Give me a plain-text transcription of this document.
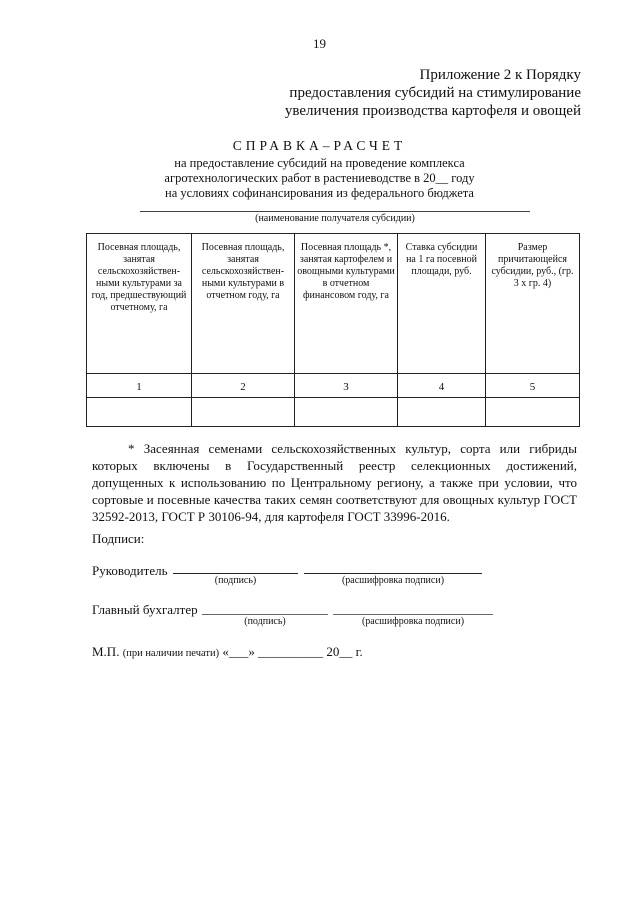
19
Приложение 2 к Порядку
предоставления субсидий на стимулирование
увеличения производства картофеля и овощей
СПРАВКА–РАСЧЕТ
на предоставление субсидий на проведение комплекса
агротехнологических работ в растениеводстве в 20__ году
на условиях софинансирования из федерального бюджета
(наименование получателя субсидии)
Посевная площадь, занятая сельскохозяйствен-ными культурами за год, предшествующий отчетному, га	Посевная площадь, занятая сельскохозяйствен-ными культурами в отчетном году, га	Посевная площадь *, занятая картофелем и овощными культурами в отчетном финансовом году, га	Ставка субсидии на 1 га посевной площади, руб.	Размер причитающейся субсидии, руб., (гр. 3 х гр. 4)
1	2	3	4	5

* Засеянная семенами сельскохозяйственных культур, сорта или гибриды которых включены в Государственный реестр селекционных достижений, допущенных к использованию по Центральному региону, а также при условии, что сортовые и посевные качества таких семян соответствуют для овощных культур ГОСТ 32592-2013, ГОСТ Р 30106-94, для картофеля ГОСТ 33996-2016.
Подписи:
Руководитель
(подпись)	(расшифровка подписи)
Главный бухгалтер
(подпись)	(расшифровка подписи)
М.П. (при наличии печати) «___» __________ 20__ г.
